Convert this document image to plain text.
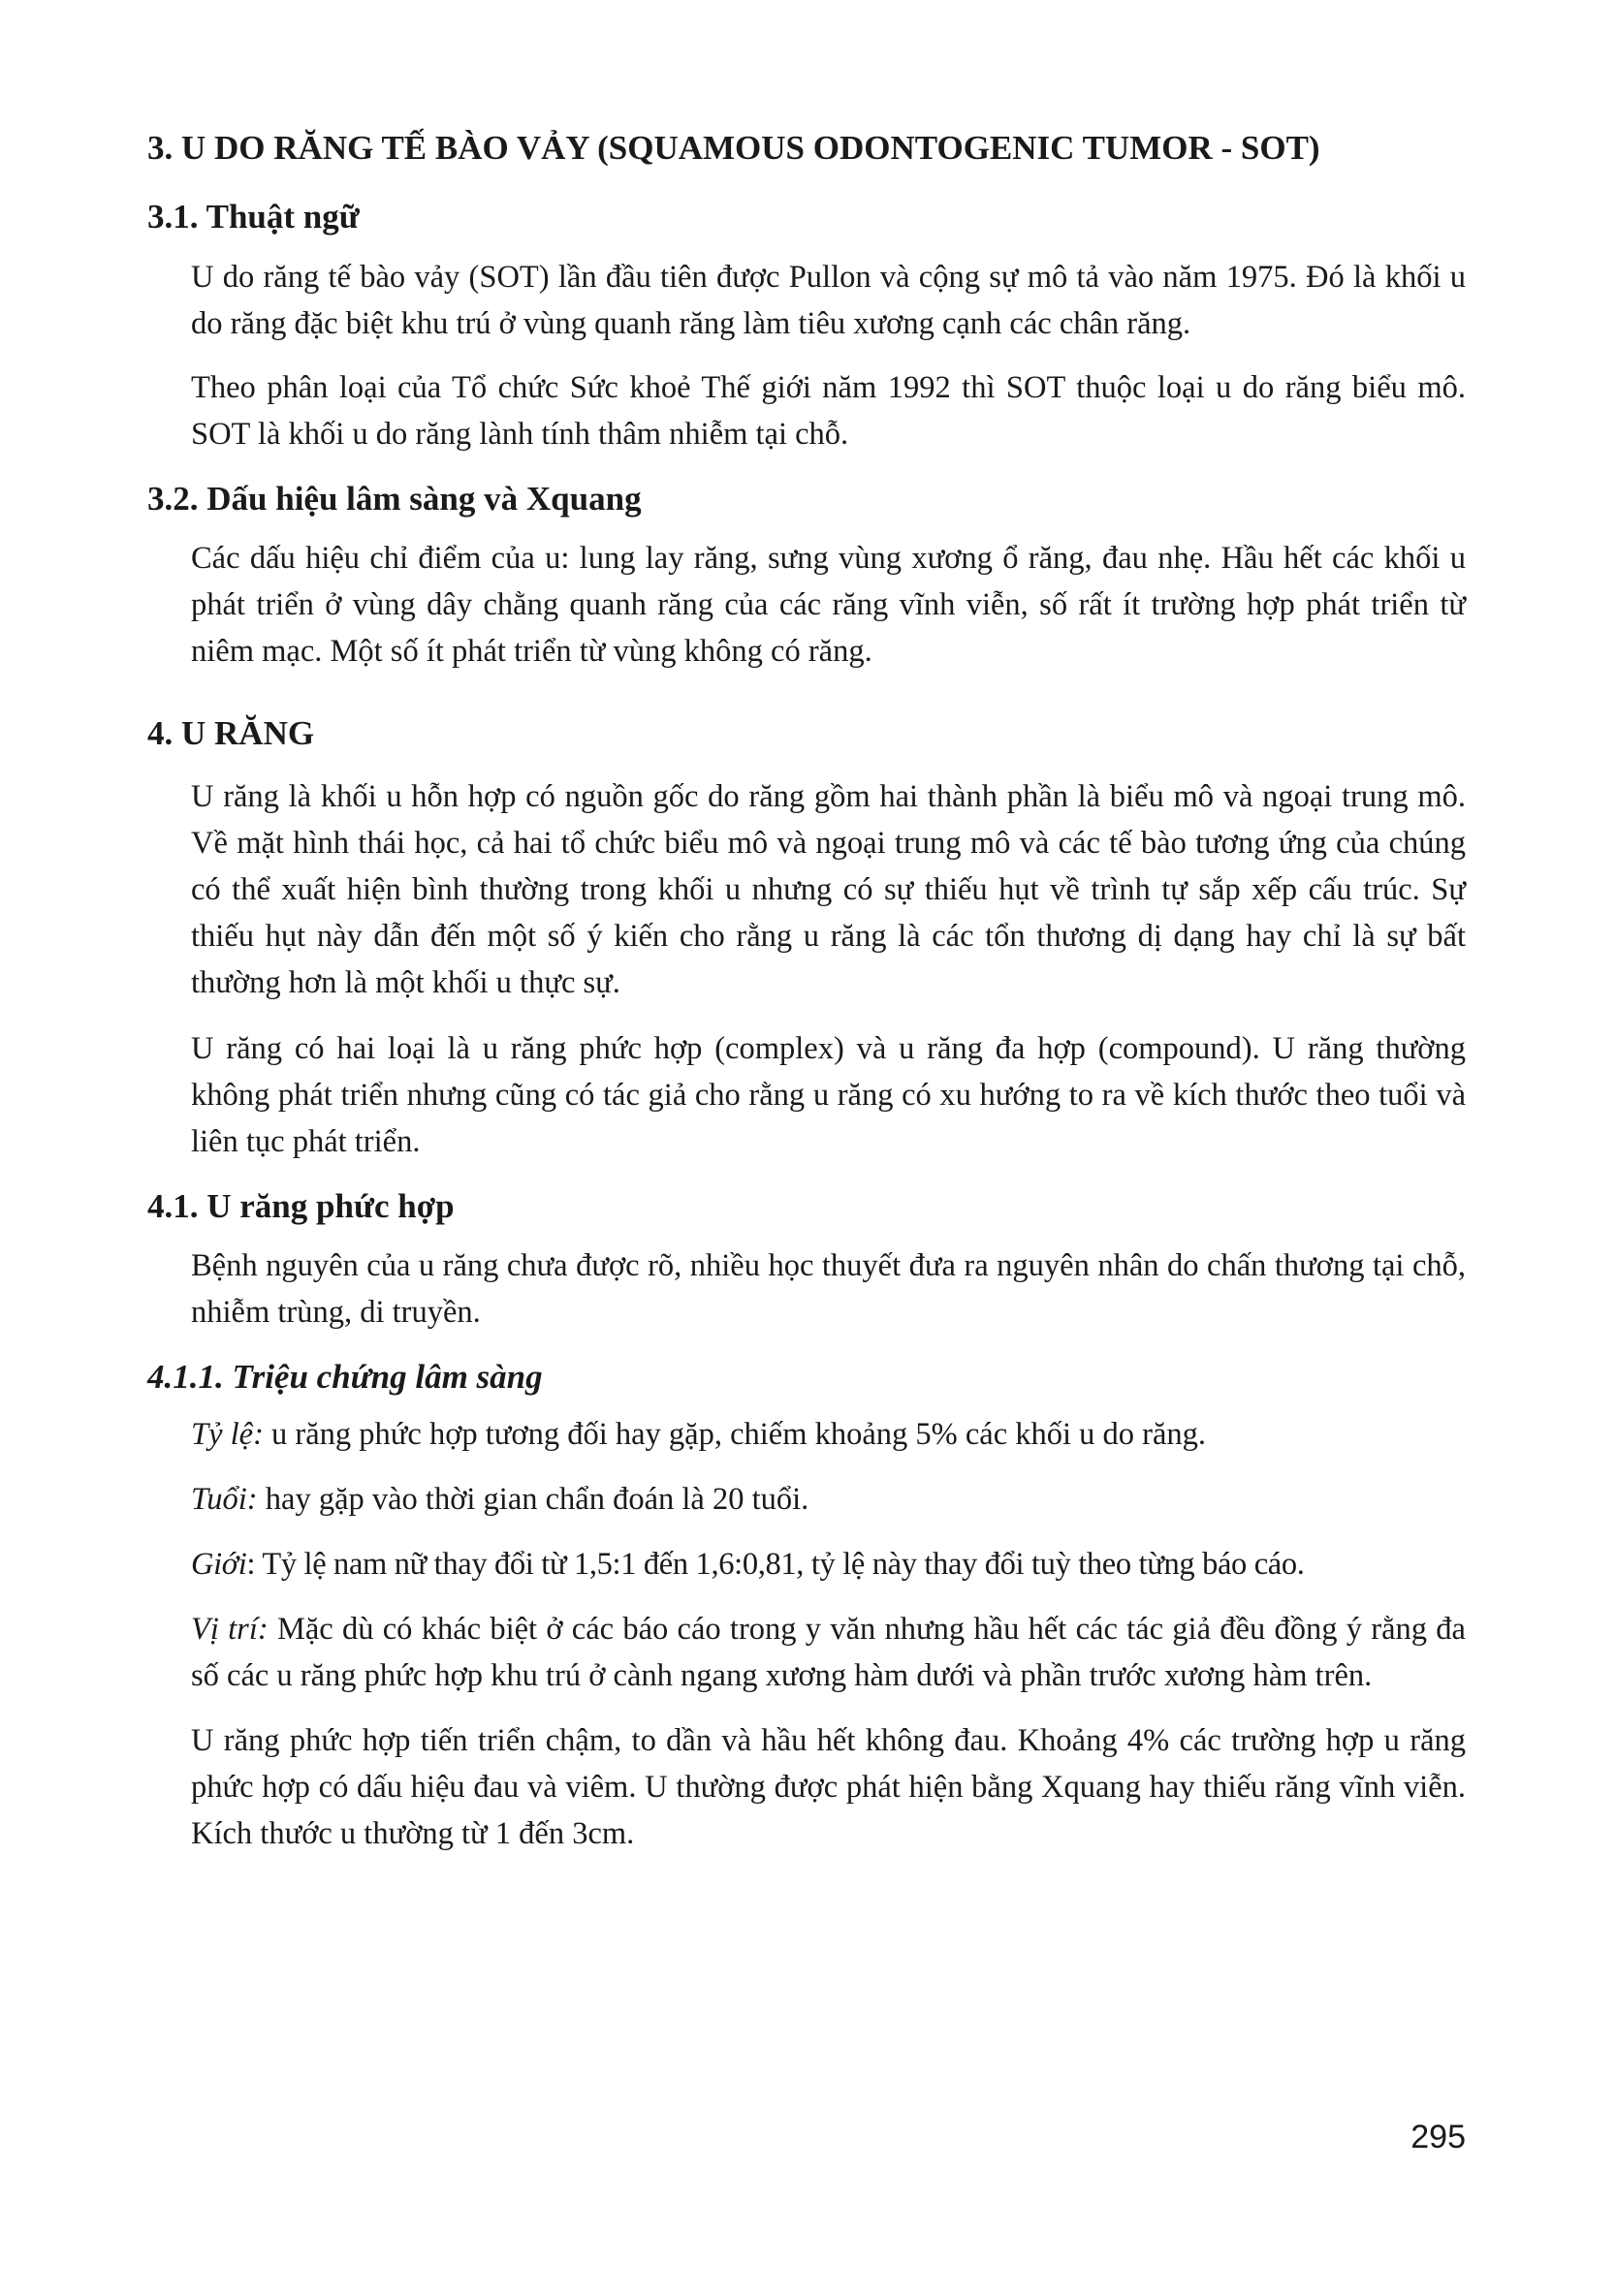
3. U DO RĂNG TẾ BÀO VẢY (SQUAMOUS ODONTOGENIC TUMOR - SOT)
3.1. Thuật ngữ

U do răng tế bào vảy (SOT) lần đầu tiên được Pullon và cộng sự mô tả vào năm 1975. Đó là khối u do răng đặc biệt khu trú ở vùng quanh răng làm tiêu xương cạnh các chân răng.

Theo phân loại của Tổ chức Sức khoẻ Thế giới năm 1992 thì SOT thuộc loại u do răng biểu mô. SOT là khối u do răng lành tính thâm nhiễm tại chỗ.

3.2. Dấu hiệu lâm sàng và Xquang

Các dấu hiệu chỉ điểm của u: lung lay răng, sưng vùng xương ổ răng, đau nhẹ. Hầu hết các khối u phát triển ở vùng dây chằng quanh răng của các răng vĩnh viễn, số rất ít trường hợp phát triển từ niêm mạc. Một số ít phát triển từ vùng không có răng.

4. U RĂNG

U răng là khối u hỗn hợp có nguồn gốc do răng gồm hai thành phần là biểu mô và ngoại trung mô. Về mặt hình thái học, cả hai tổ chức biểu mô và ngoại trung mô và các tế bào tương ứng của chúng có thể xuất hiện bình thường trong khối u nhưng có sự thiếu hụt về trình tự sắp xếp cấu trúc. Sự thiếu hụt này dẫn đến một số ý kiến cho rằng u răng là các tổn thương dị dạng hay chỉ là sự bất thường hơn là một khối u thực sự.

U răng có hai loại là u răng phức hợp (complex) và u răng đa hợp (compound). U răng thường không phát triển nhưng cũng có tác giả cho rằng u răng có xu hướng to ra về kích thước theo tuổi và liên tục phát triển.

4.1. U răng phức hợp

Bệnh nguyên của u răng chưa được rõ, nhiều học thuyết đưa ra nguyên nhân do chấn thương tại chỗ, nhiễm trùng, di truyền.

4.1.1. Triệu chứng lâm sàng

Tỷ lệ: u răng phức hợp tương đối hay gặp, chiếm khoảng 5% các khối u do răng.

Tuổi: hay gặp vào thời gian chẩn đoán là 20 tuổi.

Giới: Tỷ lệ nam nữ thay đổi từ 1,5:1 đến 1,6:0,81, tỷ lệ này thay đổi tuỳ theo từng báo cáo.

Vị trí: Mặc dù có khác biệt ở các báo cáo trong y văn nhưng hầu hết các tác giả đều đồng ý rằng đa số các u răng phức hợp khu trú ở cành ngang xương hàm dưới và phần trước xương hàm trên.

U răng phức hợp tiến triển chậm, to dần và hầu hết không đau. Khoảng 4% các trường hợp u răng phức hợp có dấu hiệu đau và viêm. U thường được phát hiện bằng Xquang hay thiếu răng vĩnh viễn. Kích thước u thường từ 1 đến 3cm.

295
